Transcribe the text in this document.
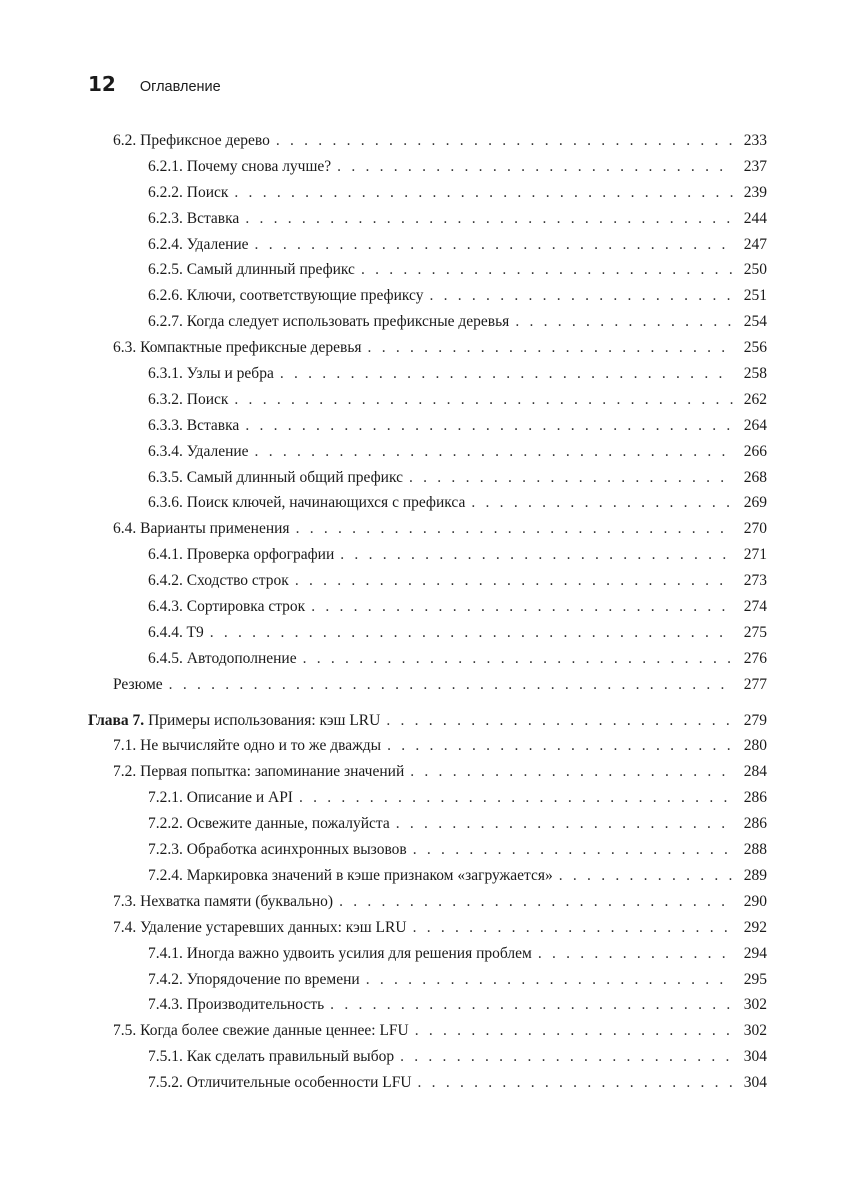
12 Оглавление
6.2. Префиксное дерево . . .	233
6.2.1. Почему снова лучше? . . .	237
6.2.2. Поиск . . .	239
6.2.3. Вставка . . .	244
6.2.4. Удаление . . .	247
6.2.5. Самый длинный префикс . . .	250
6.2.6. Ключи, соответствующие префиксу . . .	251
6.2.7. Когда следует использовать префиксные деревья . . .	254
6.3. Компактные префиксные деревья . . .	256
6.3.1. Узлы и ребра . . .	258
6.3.2. Поиск . . .	262
6.3.3. Вставка . . .	264
6.3.4. Удаление . . .	266
6.3.5. Самый длинный общий префикс . . .	268
6.3.6. Поиск ключей, начинающихся с префикса . . .	269
6.4. Варианты применения . . .	270
6.4.1. Проверка орфографии . . .	271
6.4.2. Сходство строк . . .	273
6.4.3. Сортировка строк . . .	274
6.4.4. T9 . . .	275
6.4.5. Автодополнение . . .	276
Резюме . . .	277
Глава 7. Примеры использования: кэш LRU . . .	279
7.1. Не вычисляйте одно и то же дважды . . .	280
7.2. Первая попытка: запоминание значений . . .	284
7.2.1. Описание и API . . .	286
7.2.2. Освежите данные, пожалуйста . . .	286
7.2.3. Обработка асинхронных вызовов . . .	288
7.2.4. Маркировка значений в кэше признаком «загружается» . . .	289
7.3. Нехватка памяти (буквально) . . .	290
7.4. Удаление устаревших данных: кэш LRU . . .	292
7.4.1. Иногда важно удвоить усилия для решения проблем . . .	294
7.4.2. Упорядочение по времени . . .	295
7.4.3. Производительность . . .	302
7.5. Когда более свежие данные ценнее: LFU . . .	302
7.5.1. Как сделать правильный выбор . . .	304
7.5.2. Отличительные особенности LFU . . .	304
